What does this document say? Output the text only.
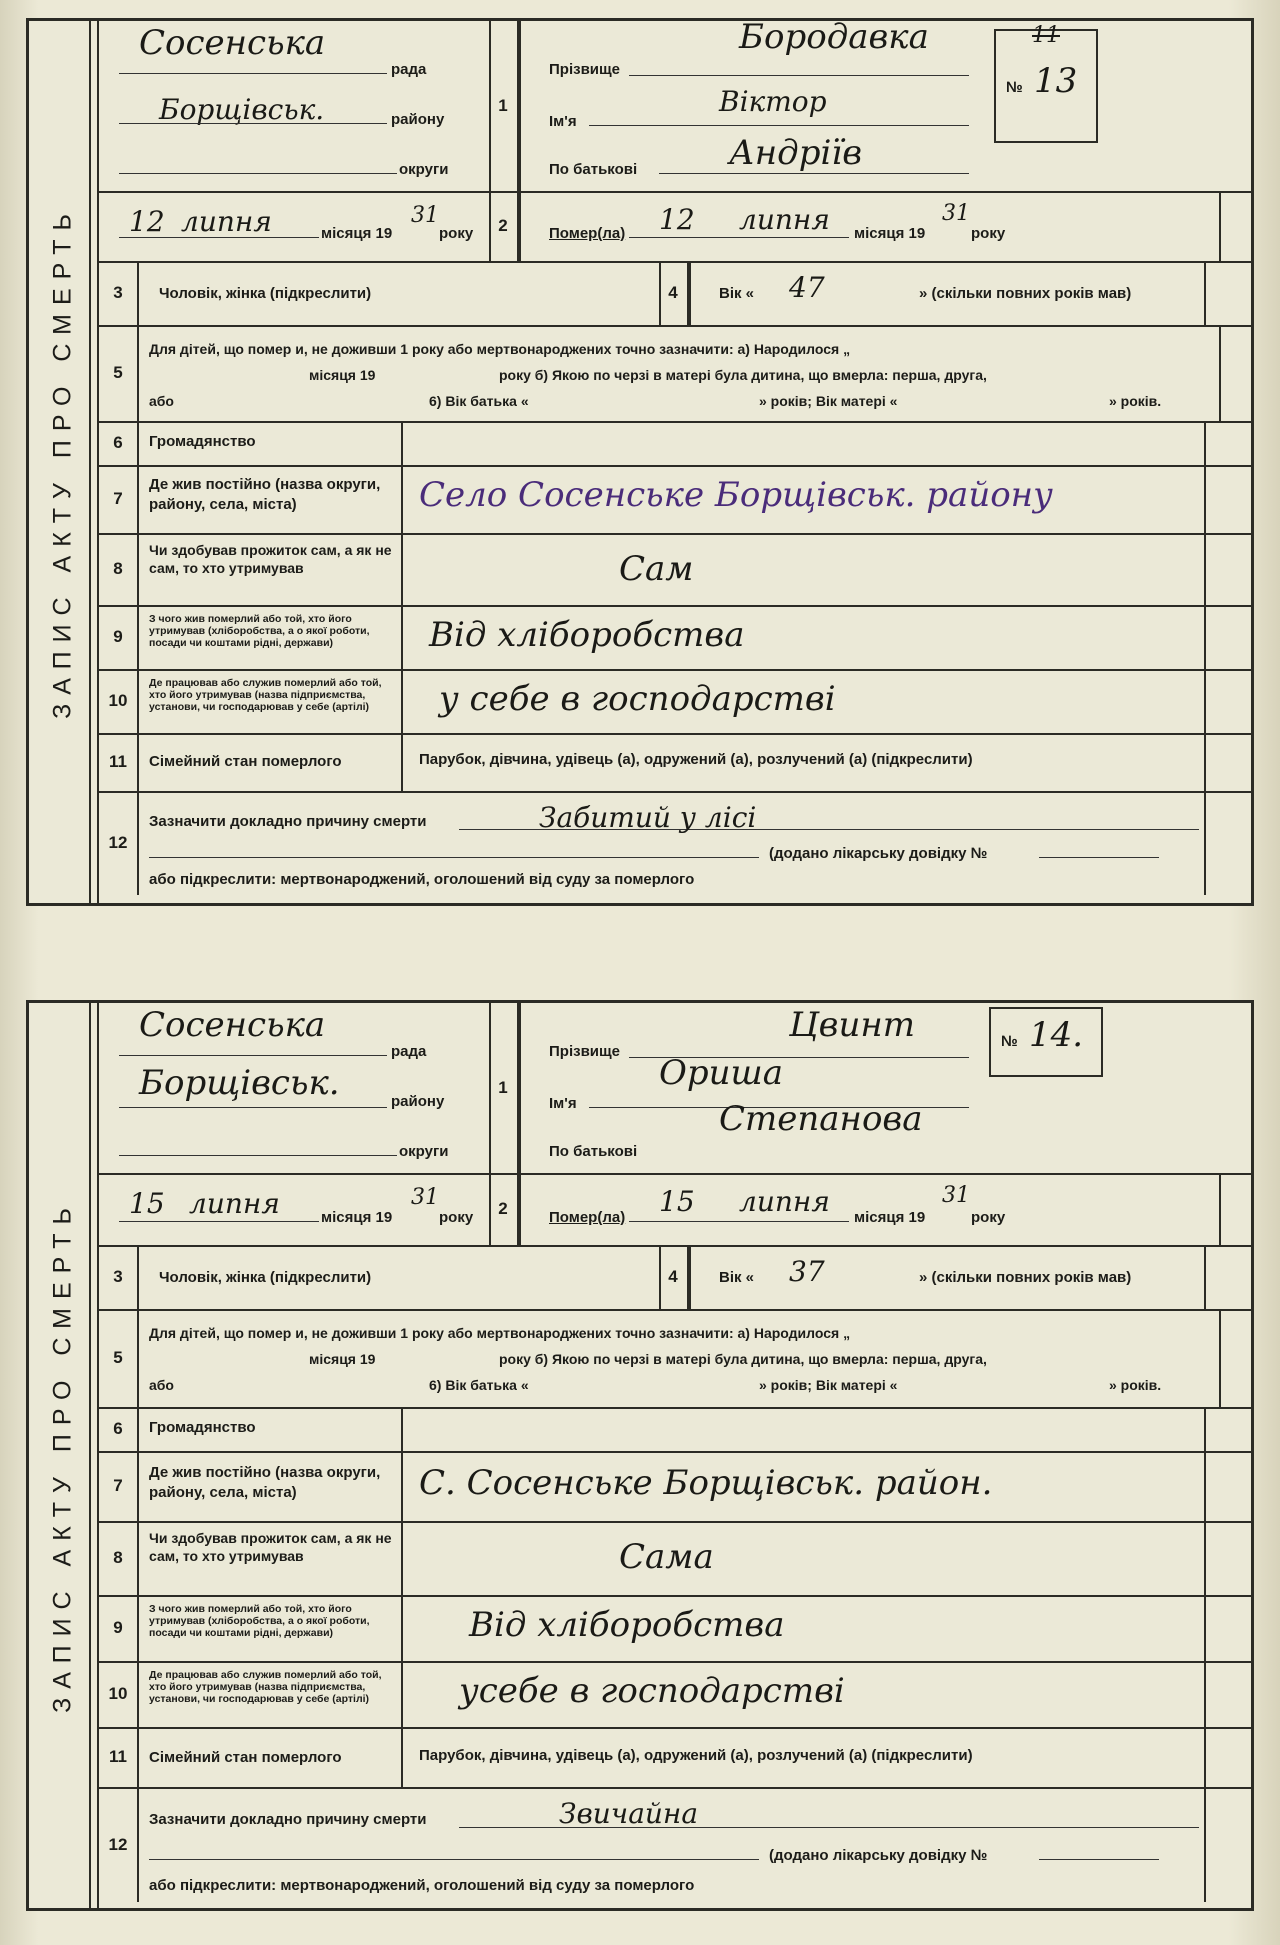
ЗАПИС АКТУ ПРО СМЕРТЬ
Сосенська
рада
Борщівськ.	району
округи
1
Прізвище
Бородавка
Ім'я
Віктор
По батькові	Андріїв
№
11
13
12 липня	місяця 19
31
року	2	Помер(ла) 12 липня місяця 19
31
року
3	Чоловік, жінка (підкреслити)	4	Вік « 47	» (скільки повних років мав)
5
Для дітей, що помер и, не доживши 1 року або мертвонароджених точно зазначити: а) Народилося „
місяця 19	року б) Якою по черзі в матері була дитина, що вмерла: перша, друга,
або	6) Вік батька «	» років; Вік матері «	» років.
6	Громадянство
7
Де жив постійно (назва округи, району, села, міста)	Село Сосенське Борщівськ. району
8
Чи здобував прожиток сам, а як не сам, то хто утримував	Сам
9
З чого жив померлий або той, хто його утримував (хліборобства, а о якої роботи, посади чи коштами рідні, держави)	Від хліборобства
10
Де працював або служив померлий або той, хто його утримував (назва підприємства, установи, чи господарював у себе (артілі)	у себе в господарстві
11	Сімейний стан померлого	Парубок, дівчина, удівець (а), одружений (а), розлучений (а) (підкреслити)
12
Зазначити докладно причину смерти	Забитий у лісі
(додано лікарську довідку №
або підкреслити: мертвонароджений, оголошений від суду за померлого
ЗАПИС АКТУ ПРО СМЕРТЬ
Сосенська
рада
Борщівськ.	району
округи
1
Прізвище
Цвинт
Ім'я
Ориша
По батькові
Степанова
№ 14.
15 липня	місяця 19
31
року	2	Помер(ла) 15 липня місяця 19
31
року
3	Чоловік, жінка (підкреслити)	4	Вік « 37	» (скільки повних років мав)
5
Для дітей, що помер и, не доживши 1 року або мертвонароджених точно зазначити: а) Народилося „
місяця 19	року б) Якою по черзі в матері була дитина, що вмерла: перша, друга,
або	6) Вік батька «	» років; Вік матері «	» років.
6	Громадянство
7
Де жив постійно (назва округи, району, села, міста)	С. Сосенське Борщівськ. район.
8
Чи здобував прожиток сам, а як не сам, то хто утримував	Сама
9
З чого жив померлий або той, хто його утримував (хліборобства, а о якої роботи, посади чи коштами рідні, держави)	Від хліборобства
10
Де працював або служив померлий або той, хто його утримував (назва підприємства, установи, чи господарював у себе (артілі)	усебе в господарстві
11	Сімейний стан померлого	Парубок, дівчина, удівець (а), одружений (а), розлучений (а) (підкреслити)
12
Зазначити докладно причину смерти	Звичайна
(додано лікарську довідку №
або підкреслити: мертвонароджений, оголошений від суду за померлого
